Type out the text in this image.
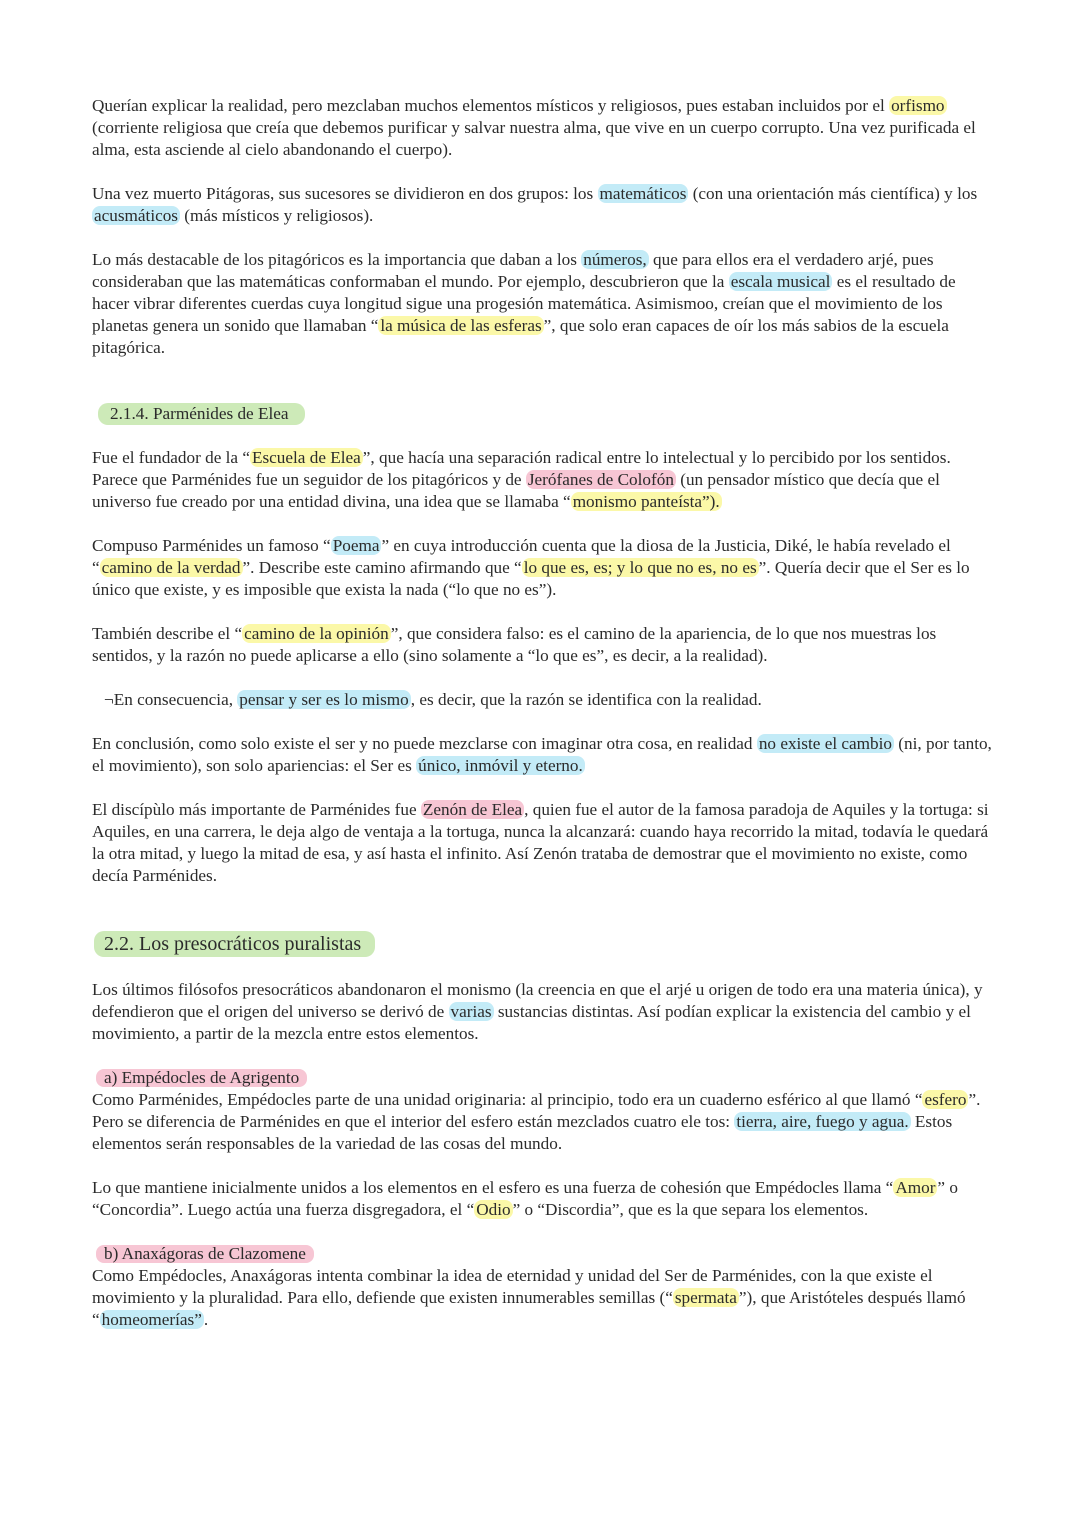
Querían explicar la realidad, pero mezclaban muchos elementos místicos y religiosos, pues estaban incluidos por el orfismo (corriente religiosa que creía que debemos purificar y salvar nuestra alma, que vive en un cuerpo corrupto. Una vez purificada el alma, esta asciende al cielo abandonando el cuerpo).

Una vez muerto Pitágoras, sus sucesores se dividieron en dos grupos: los matemáticos (con una orientación más científica) y los acusmáticos (más místicos y religiosos).

Lo más destacable de los pitagóricos es la importancia que daban a los números, que para ellos era el verdadero arjé, pues consideraban que las matemáticas conformaban el mundo. Por ejemplo, descubrieron que la escala musical es el resultado de hacer vibrar diferentes cuerdas cuya longitud sigue una progesión matemática. Asimismoo, creían que el movimiento de los planetas genera un sonido que llamaban “ la música de las esferas ”, que solo eran capaces de oír los más sabios de la escuela pitagórica.

2.1.4. Parménides de Elea

Fue el fundador de la “ Escuela de Elea ”, que hacía una separación radical entre lo intelectual y lo percibido por los sentidos. Parece que Parménides fue un seguidor de los pitagóricos y de Jerófanes de Colofón (un pensador místico que decía que el universo fue creado por una entidad divina, una idea que se llamaba “ monismo panteísta”).

Compuso Parménides un famoso “ Poema ” en cuya introducción cuenta que la diosa de la Justicia, Diké, le había revelado el “ camino de la verdad ”. Describe este camino afirmando que “ lo que es, es; y lo que no es, no es ”. Quería decir que el Ser es lo único que existe, y es imposible que exista la nada (“lo que no es”).

También describe el “ camino de la opinión ”, que considera falso: es el camino de la apariencia, de lo que nos muestras los sentidos, y la razón no puede aplicarse a ello (sino solamente a “lo que es”, es decir, a la realidad).

¬En consecuencia, pensar y ser es lo mismo , es decir, que la razón se identifica con la realidad.

En conclusión, como solo existe el ser y no puede mezclarse con imaginar otra cosa, en realidad no existe el cambio (ni, por tanto, el movimiento), son solo apariencias: el Ser es único, inmóvil y eterno.

El discípùlo más importante de Parménides fue Zenón de Elea , quien fue el autor de la famosa paradoja de Aquiles y la tortuga: si Aquiles, en una carrera, le deja algo de ventaja a la tortuga, nunca la alcanzará: cuando haya recorrido la mitad, todavía le quedará la otra mitad, y luego la mitad de esa, y así hasta el infinito. Así Zenón trataba de demostrar que el movimiento no existe, como decía Parménides.

2.2. Los presocráticos puralistas

Los últimos filósofos presocráticos abandonaron el monismo (la creencia en que el arjé u origen de todo era una materia única), y defendieron que el origen del universo se derivó de varias sustancias distintas. Así podían explicar la existencia del cambio y el movimiento, a partir de la mezcla entre estos elementos.

a) Empédocles de Agrigento

Como Parménides, Empédocles parte de una unidad originaria: al principio, todo era un cuaderno esférico al que llamó “ esfero ”. Pero se diferencia de Parménides en que el interior del esfero están mezclados cuatro ele tos: tierra, aire, fuego y agua. Estos elementos serán responsables de la variedad de las cosas del mundo.

Lo que mantiene inicialmente unidos a los elementos en el esfero es una fuerza de cohesión que Empédocles llama “ Amor ” o “Concordia”. Luego actúa una fuerza disgregadora, el “ Odio ” o “Discordia”, que es la que separa los elementos.

b) Anaxágoras de Clazomene

Como Empédocles, Anaxágoras intenta combinar la idea de eternidad y unidad del Ser de Parménides, con la que existe el movimiento y la pluralidad. Para ello, defiende que existen innumerables semillas (“ spermata ”), que Aristóteles después llamó “ homeomerías” .
